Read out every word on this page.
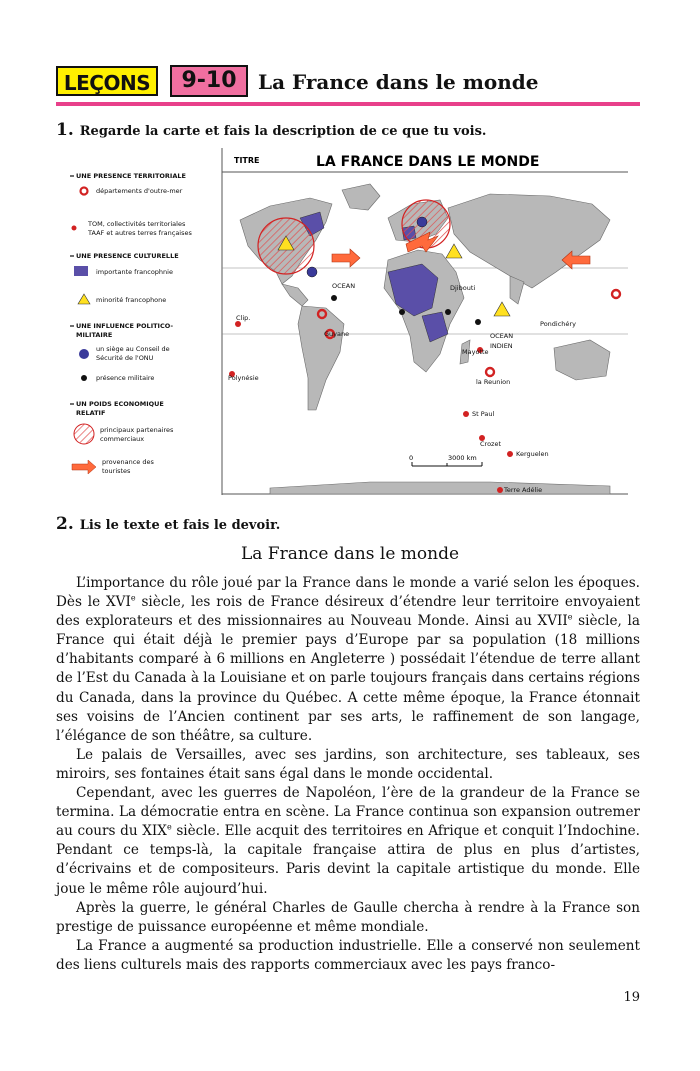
LEÇONS	9-10	La France dans le monde
1. Regarde la carte et fais la description de ce que tu vois.
TITRE	LA FRANCE DANS LE MONDE
OCEAN
OCEAN
INDIEN
Clip.
Guyane
Polynésie
Mayotte
la Reunion
Pondichéry
Djibouti
St Paul
Crozet
Kerguelen
Terre Adélie
0	3000 km
UNE PRESENCE TERRITORIALE
départements d'outre-mer
TOM, collectivités territoriales
TAAF et autres terres françaises
UNE PRESENCE CULTURELLE
importante francophnie
minorité francophone
UNE INFLUENCE POLITICO-
MILITAIRE
un siège au Conseil de
Sécurité de l'ONU
présence militaire
UN POIDS ECONOMIQUE
RELATIF
principaux partenaires
commerciaux
provenance des
touristes
2. Lis le texte et fais le devoir.
La France dans le monde

L’importance du rôle joué par la France dans le monde a varié selon les époques. Dès le XVIe siècle, les rois de France désireux d’étendre leur territoire envoyaient des explorateurs et des missionnaires au Nouveau Monde. Ainsi au XVIIe siècle, la France qui était déjà le premier pays d’Europe par sa population (18 millions d’habitants comparé à 6 millions en Angleterre ) possédait l’étendue de terre allant de l’Est du Canada à la Louisiane et on parle toujours français dans certains régions du Canada, dans la province du Québec. A cette même époque, la France étonnait ses voisins de l’Ancien continent par ses arts, le raffinement de son langage, l’élégance de son théâtre, sa culture.

Le palais de Versailles, avec ses jardins, son architecture, ses tableaux, ses miroirs, ses fontaines était sans égal dans le monde occidental.

Cependant, avec les guerres de Napoléon, l’ère de la grandeur de la France se termina. La démocratie entra en scène. La France continua son expansion outremer au cours du XIXe siècle. Elle acquit des territoires en Afrique et conquit l’Indochine. Pendant ce temps-là, la capitale française attira de plus en plus d’artistes, d’écrivains et de compositeurs. Paris devint la capitale artistique du monde. Elle joue le même rôle aujourd’hui.

Après la guerre, le général Charles de Gaulle chercha à rendre à la France son prestige de puissance européenne et même mondiale.

La France a augmenté sa production industrielle. Elle a conservé non seulement des liens culturels mais des rapports commerciaux avec les pays franco-

19
